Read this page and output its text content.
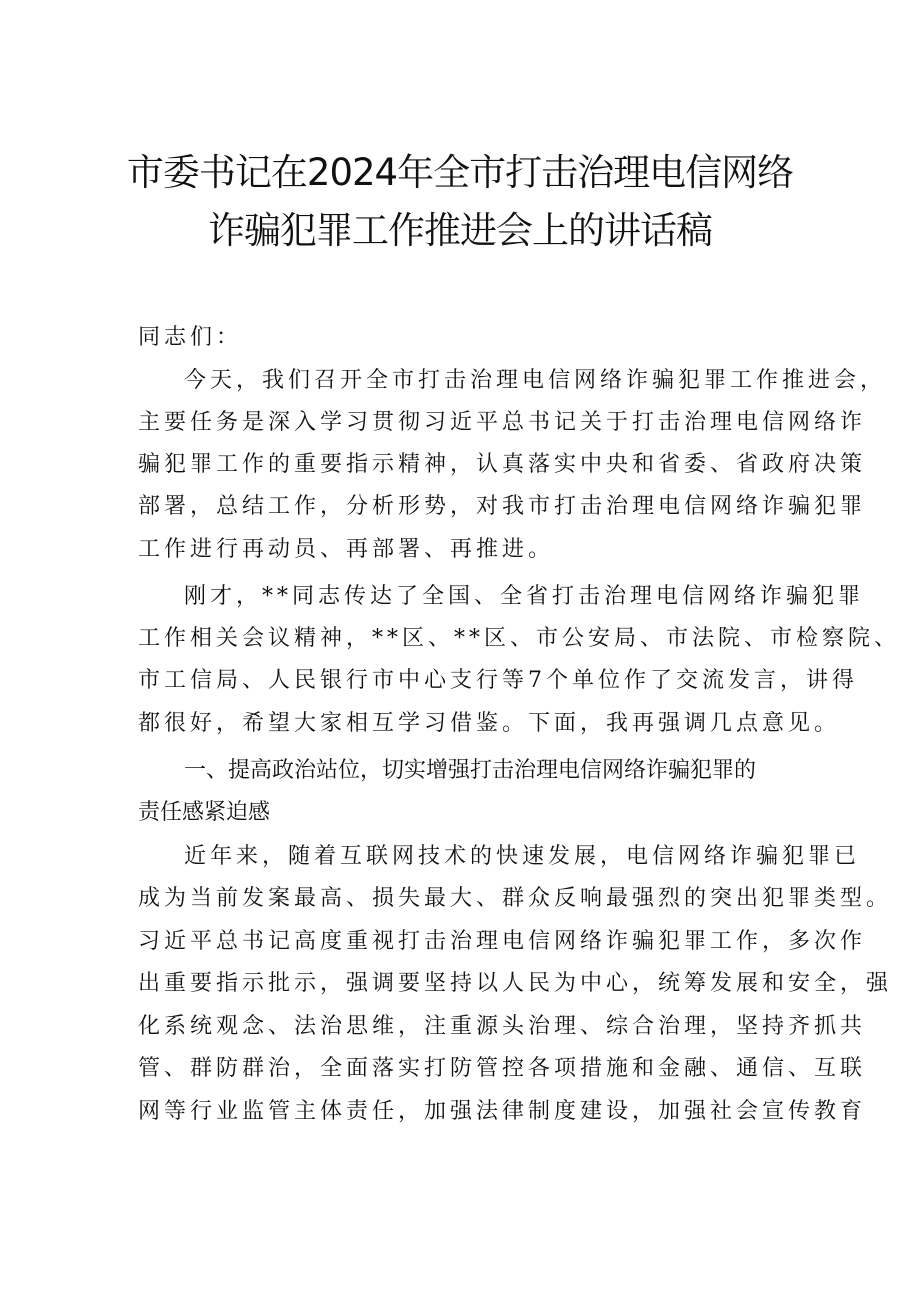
市委书记在2024年全市打击治理电信网络
诈骗犯罪工作推进会上的讲话稿
同志们：
今天，我们召开全市打击治理电信网络诈骗犯罪工作推进会，
主要任务是深入学习贯彻习近平总书记关于打击治理电信网络诈
骗犯罪工作的重要指示精神，认真落实中央和省委、省政府决策
部署，总结工作，分析形势，对我市打击治理电信网络诈骗犯罪
工作进行再动员、再部署、再推进。
刚才，**同志传达了全国、全省打击治理电信网络诈骗犯罪
工作相关会议精神，**区、**区、市公安局、市法院、市检察院、
市工信局、人民银行市中心支行等7个单位作了交流发言，讲得
都很好，希望大家相互学习借鉴。下面，我再强调几点意见。
一、提高政治站位，切实增强打击治理电信网络诈骗犯罪的
责任感紧迫感
近年来，随着互联网技术的快速发展，电信网络诈骗犯罪已
成为当前发案最高、损失最大、群众反响最强烈的突出犯罪类型。
习近平总书记高度重视打击治理电信网络诈骗犯罪工作，多次作
出重要指示批示，强调要坚持以人民为中心，统筹发展和安全，强
化系统观念、法治思维，注重源头治理、综合治理，坚持齐抓共
管、群防群治，全面落实打防管控各项措施和金融、通信、互联
网等行业监管主体责任，加强法律制度建设，加强社会宣传教育
